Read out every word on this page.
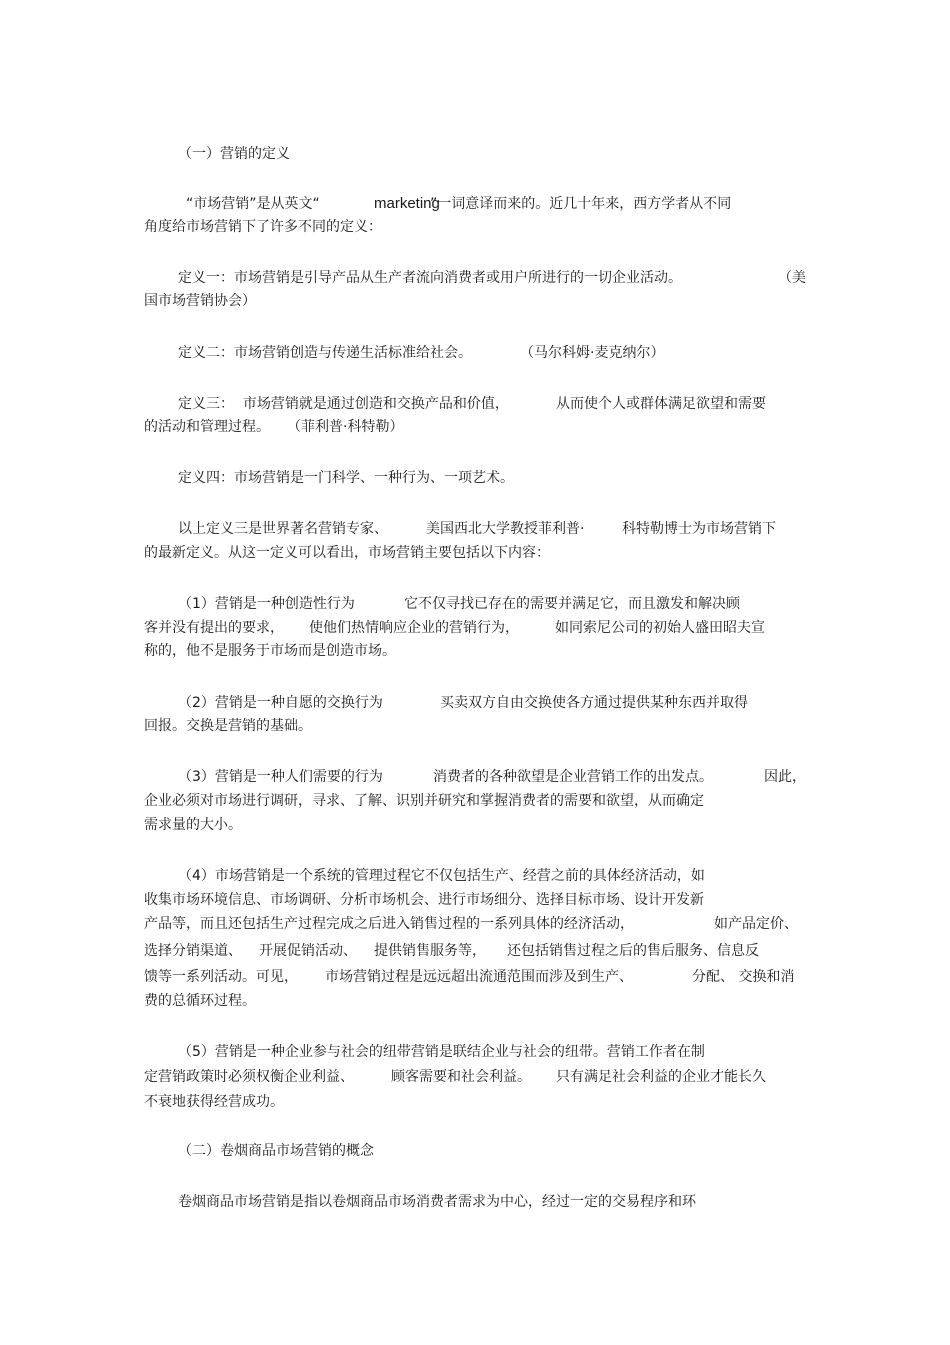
（一）营销的定义

“市场营销”是从英文“

	marketing

”一词意译而来的。近几十年来，西方学者从不同

角度给市场营销下了许多不同的定义：

定义一：市场营销是引导产品从生产者流向消费者或用户所进行的一切企业活动。

	（美

国市场营销协会）

定义二：市场营销创造与传递生活标准给社会。

	（马尔科姆·麦克纳尔）

定义三：  市场营销就是通过创造和交换产品和价值，

	从而使个人或群体满足欲望和需要

的活动和管理过程。

（菲利普·科特勒）

定义四：市场营销是一门科学、一种行为、一项艺术。

以上定义三是世界著名营销专家、

	美国西北大学教授菲利普·

	科特勒博士为市场营销下

的最新定义。从这一定义可以看出，市场营销主要包括以下内容：

（1）营销是一种创造性行为

	它不仅寻找已存在的需要并满足它，而且激发和解决顾

客并没有提出的要求，

使他们热情响应企业的营销行为，

	如同索尼公司的初始人盛田昭夫宣

称的，他不是服务于市场而是创造市场。

（2）营销是一种自愿的交换行为

	买卖双方自由交换使各方通过提供某种东西并取得

回报。交换是营销的基础。

（3）营销是一种人们需要的行为

	消费者的各种欲望是企业营销工作的出发点。

	因此，

企业必须对市场进行调研，寻求、了解、识别并研究和掌握消费者的需要和欲望，从而确定

需求量的大小。

（4）市场营销是一个系统的管理过程它不仅包括生产、经营之前的具体经济活动，如

收集市场环境信息、市场调研、分析市场机会、进行市场细分、选择目标市场、设计开发新

产品等，而且还包括生产过程完成之后进入销售过程的一系列具体的经济活动，

	如产品定价、

选择分销渠道、

开展促销活动、

提供销售服务等，

还包括销售过程之后的售后服务、信息反

馈等一系列活动。可见，

市场营销过程是远远超出流通范围而涉及到生产、

	分配、 交换和消

费的总循环过程。

（5）营销是一种企业参与社会的纽带营销是联结企业与社会的纽带。营销工作者在制

定营销政策时必须权衡企业利益、

	顾客需要和社会利益。

只有满足社会利益的企业才能长久

不衰地获得经营成功。

（二）卷烟商品市场营销的概念

卷烟商品市场营销是指以卷烟商品市场消费者需求为中心，经过一定的交易程序和环
